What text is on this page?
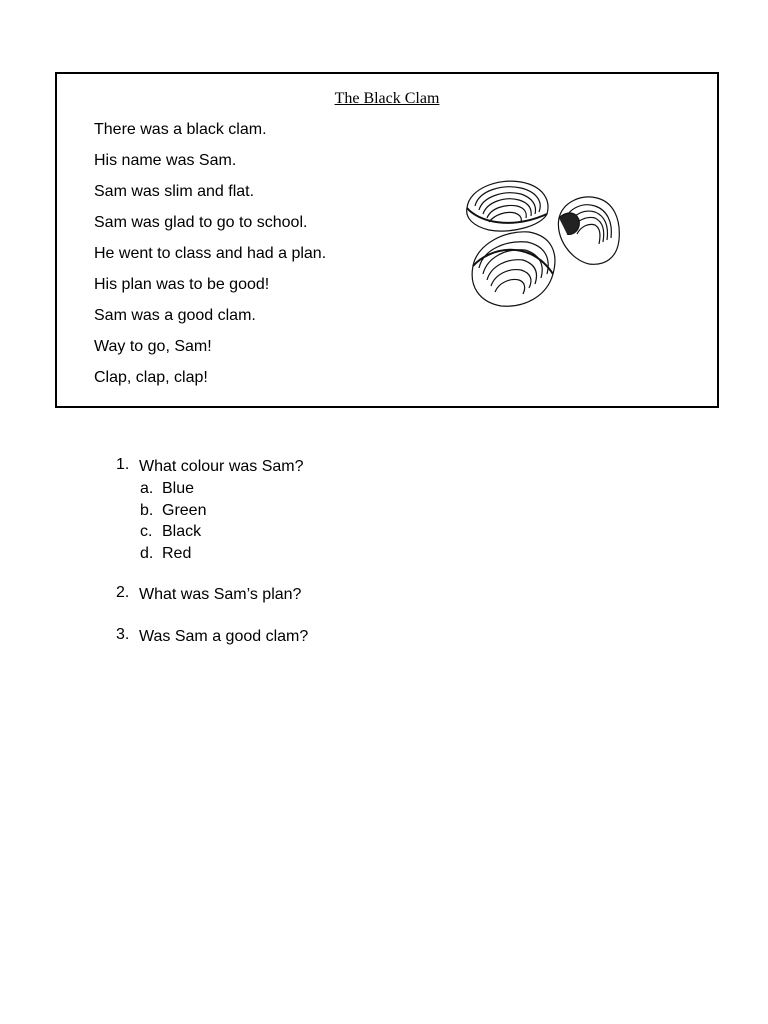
The Black Clam
There was a black clam.
His name was Sam.
Sam was slim and flat.
Sam was glad to go to school.
He went to class and had a plan.
His plan was to be good!
Sam was a good clam.
Way to go, Sam!
Clap, clap, clap!
1. What colour was Sam?
a. Blue
b. Green
c. Black
d. Red
2. What was Sam’s plan?
3. Was Sam a good clam?
